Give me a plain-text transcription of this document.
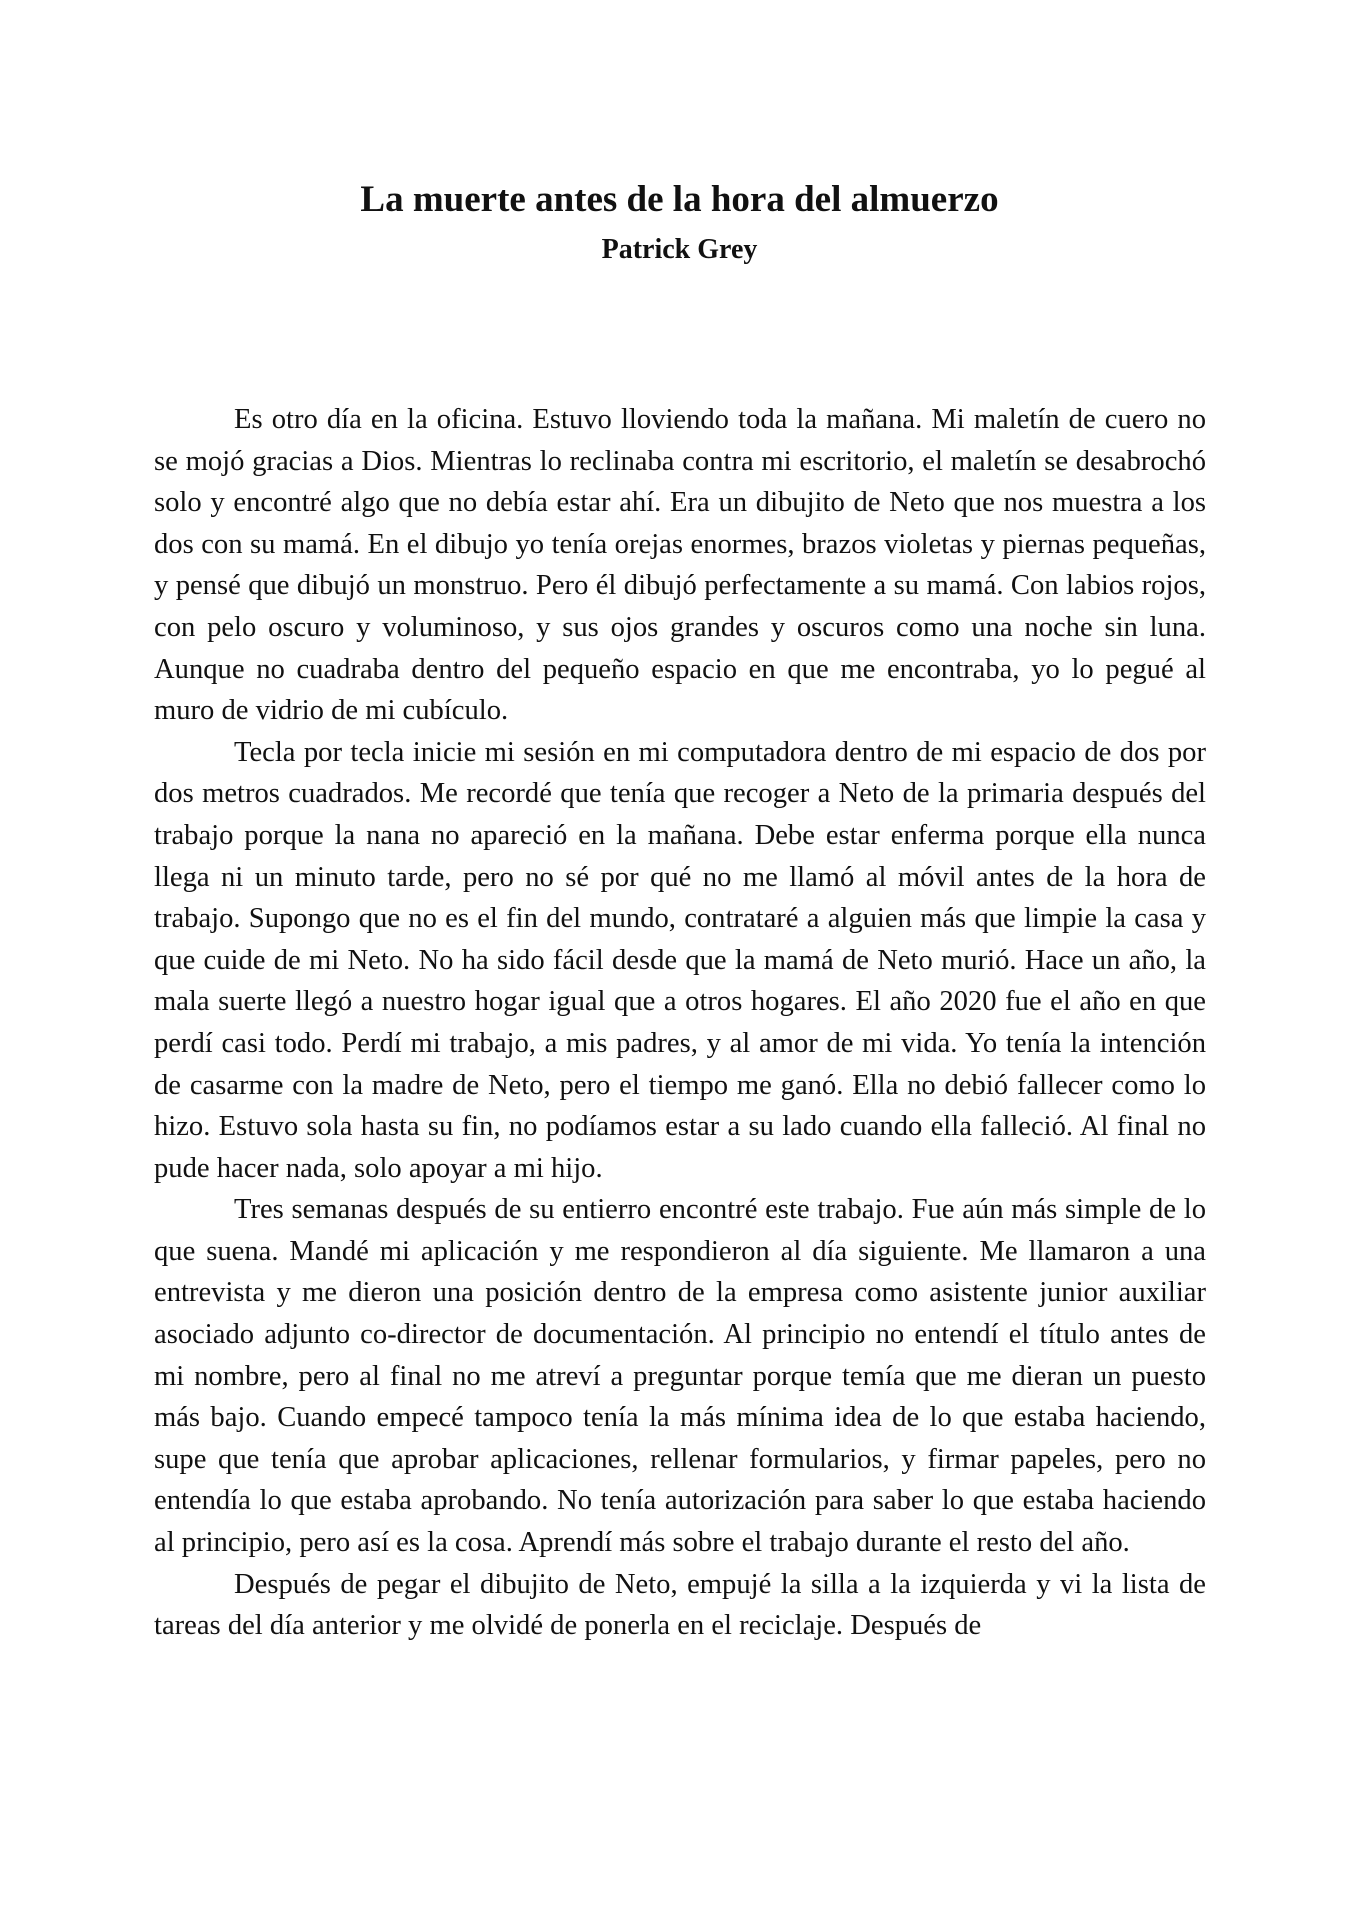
La muerte antes de la hora del almuerzo
Patrick Grey

Es otro día en la oficina. Estuvo lloviendo toda la mañana. Mi maletín de cuero no se mojó gracias a Dios. Mientras lo reclinaba contra mi escritorio, el maletín se desabrochó solo y encontré algo que no debía estar ahí. Era un dibujito de Neto que nos muestra a los dos con su mamá. En el dibujo yo tenía orejas enormes, brazos violetas y piernas pequeñas, y pensé que dibujó un monstruo. Pero él dibujó perfectamente a su mamá. Con labios rojos, con pelo oscuro y voluminoso, y sus ojos grandes y oscuros como una noche sin luna. Aunque no cuadraba dentro del pequeño espacio en que me encontraba, yo lo pegué al muro de vidrio de mi cubículo.

Tecla por tecla inicie mi sesión en mi computadora dentro de mi espacio de dos por dos metros cuadrados. Me recordé que tenía que recoger a Neto de la primaria después del trabajo porque la nana no apareció en la mañana. Debe estar enferma porque ella nunca llega ni un minuto tarde, pero no sé por qué no me llamó al móvil antes de la hora de trabajo. Supongo que no es el fin del mundo, contrataré a alguien más que limpie la casa y que cuide de mi Neto. No ha sido fácil desde que la mamá de Neto murió. Hace un año, la mala suerte llegó a nuestro hogar igual que a otros hogares. El año 2020 fue el año en que perdí casi todo. Perdí mi trabajo, a mis padres, y al amor de mi vida. Yo tenía la intención de casarme con la madre de Neto, pero el tiempo me ganó. Ella no debió fallecer como lo hizo. Estuvo sola hasta su fin, no podíamos estar a su lado cuando ella falleció. Al final no pude hacer nada, solo apoyar a mi hijo.

Tres semanas después de su entierro encontré este trabajo. Fue aún más simple de lo que suena. Mandé mi aplicación y me respondieron al día siguiente. Me llamaron a una entrevista y me dieron una posición dentro de la empresa como asistente junior auxiliar asociado adjunto co-director de documentación. Al principio no entendí el título antes de mi nombre, pero al final no me atreví a preguntar porque temía que me dieran un puesto más bajo. Cuando empecé tampoco tenía la más mínima idea de lo que estaba haciendo, supe que tenía que aprobar aplicaciones, rellenar formularios, y firmar papeles, pero no entendía lo que estaba aprobando. No tenía autorización para saber lo que estaba haciendo al principio, pero así es la cosa. Aprendí más sobre el trabajo durante el resto del año.

Después de pegar el dibujito de Neto, empujé la silla a la izquierda y vi la lista de tareas del día anterior y me olvidé de ponerla en el reciclaje. Después de
